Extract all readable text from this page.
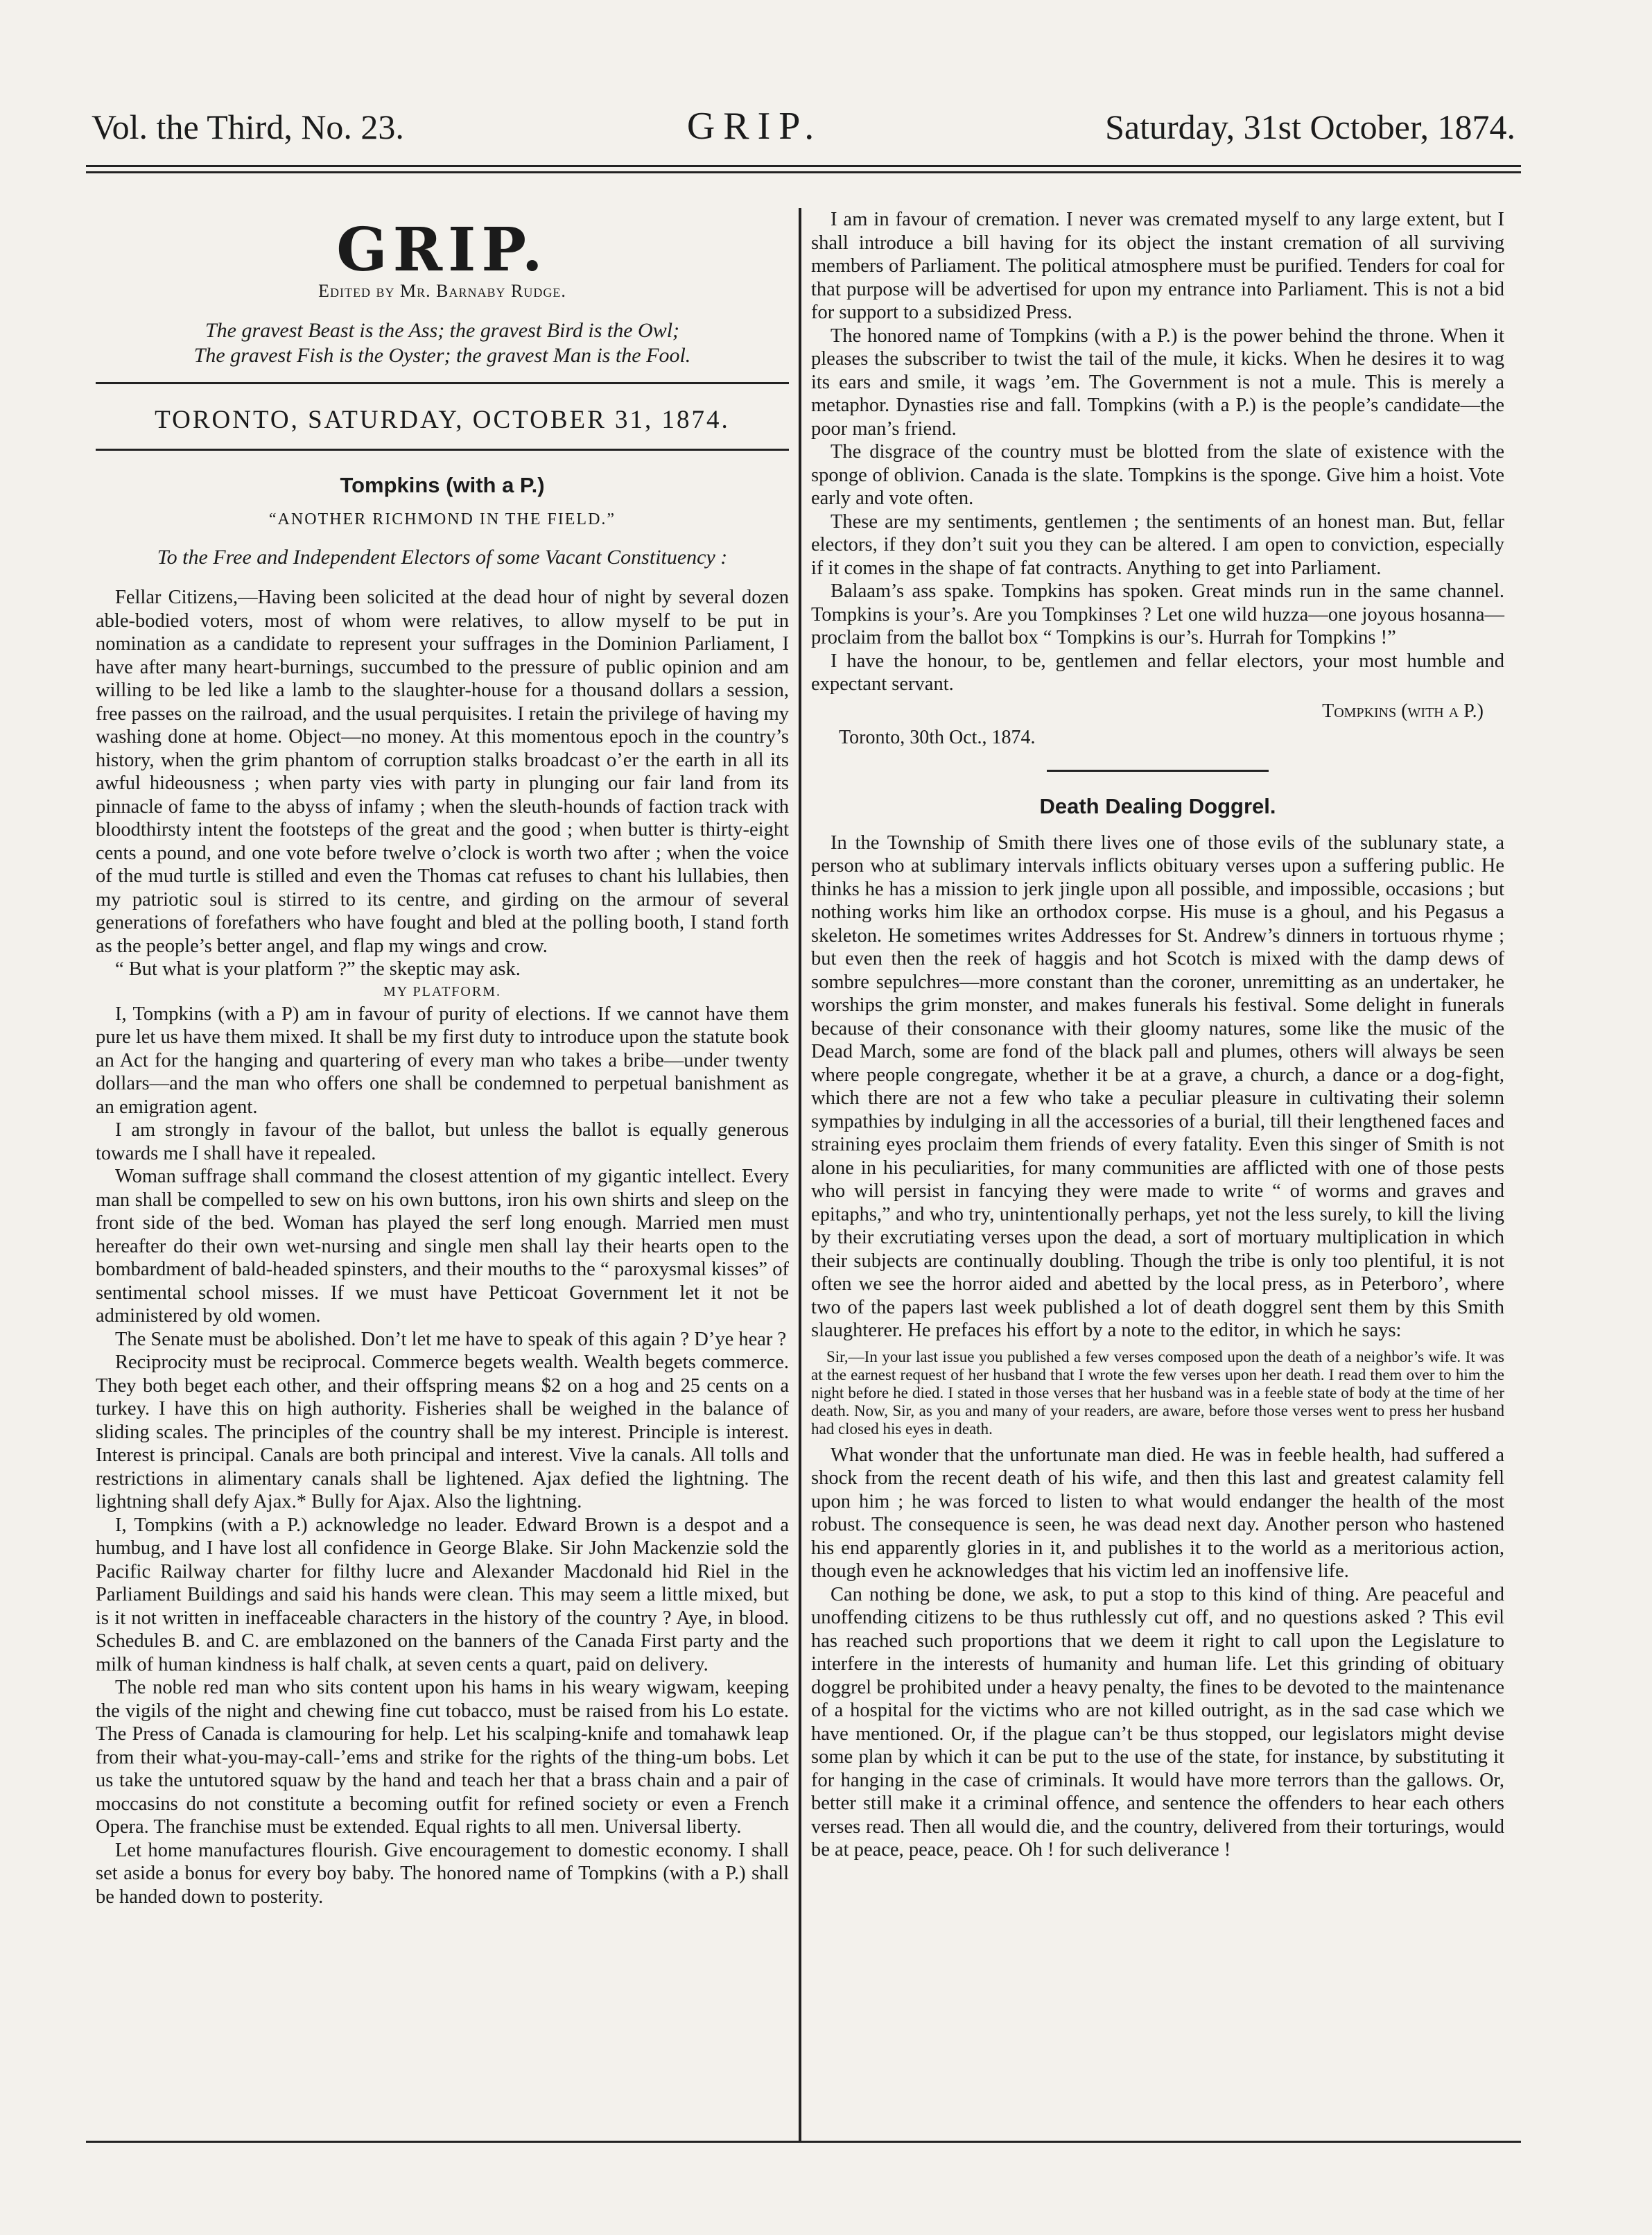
Vol. the Third, No. 23.	GRIP.	Saturday, 31st October, 1874.
GRIP.
Edited by Mr. Barnaby Rudge.
The gravest Beast is the Ass; the gravest Bird is the Owl;
The gravest Fish is the Oyster; the gravest Man is the Fool.
TORONTO, SATURDAY, OCTOBER 31, 1874.
Tompkins (with a P.)
“ANOTHER RICHMOND IN THE FIELD.”
To the Free and Independent Electors of some Vacant Constituency :

Fellar Citizens,—Having been solicited at the dead hour of night by several dozen able-bodied voters, most of whom were relatives, to allow myself to be put in nomination as a candidate to represent your suffrages in the Dominion Parliament, I have after many heart-burnings, succumbed to the pressure of public opinion and am willing to be led like a lamb to the slaughter-house for a thousand dollars a session, free passes on the railroad, and the usual perquisites. I retain the privilege of having my washing done at home. Object—no money. At this momentous epoch in the country’s history, when the grim phantom of corruption stalks broadcast o’er the earth in all its awful hideousness ; when party vies with party in plunging our fair land from its pinnacle of fame to the abyss of infamy ; when the sleuth-hounds of faction track with bloodthirsty intent the footsteps of the great and the good ; when butter is thirty-eight cents a pound, and one vote before twelve o’clock is worth two after ; when the voice of the mud turtle is stilled and even the Thomas cat refuses to chant his lullabies, then my patriotic soul is stirred to its centre, and girding on the armour of several generations of forefathers who have fought and bled at the polling booth, I stand forth as the people’s better angel, and flap my wings and crow.

“ But what is your platform ?” the skeptic may ask.

MY PLATFORM.

I, Tompkins (with a P) am in favour of purity of elections. If we cannot have them pure let us have them mixed. It shall be my first duty to introduce upon the statute book an Act for the hanging and quartering of every man who takes a bribe—under twenty dollars—and the man who offers one shall be condemned to perpetual banishment as an emigration agent.

I am strongly in favour of the ballot, but unless the ballot is equally generous towards me I shall have it repealed.

Woman suffrage shall command the closest attention of my gigantic intellect. Every man shall be compelled to sew on his own buttons, iron his own shirts and sleep on the front side of the bed. Woman has played the serf long enough. Married men must hereafter do their own wet-nursing and single men shall lay their hearts open to the bombardment of bald-headed spinsters, and their mouths to the “ paroxysmal kisses” of sentimental school misses. If we must have Petticoat Government let it not be administered by old women.

The Senate must be abolished. Don’t let me have to speak of this again ? D’ye hear ?

Reciprocity must be reciprocal. Commerce begets wealth. Wealth begets commerce. They both beget each other, and their offspring means $2 on a hog and 25 cents on a turkey. I have this on high authority. Fisheries shall be weighed in the balance of sliding scales. The principles of the country shall be my interest. Principle is interest. Interest is principal. Canals are both principal and interest. Vive la canals. All tolls and restrictions in alimentary canals shall be lightened. Ajax defied the lightning. The lightning shall defy Ajax.* Bully for Ajax. Also the lightning.

I, Tompkins (with a P.) acknowledge no leader. Edward Brown is a despot and a humbug, and I have lost all confidence in George Blake. Sir John Mackenzie sold the Pacific Railway charter for filthy lucre and Alexander Macdonald hid Riel in the Parliament Buildings and said his hands were clean. This may seem a little mixed, but is it not written in ineffaceable characters in the history of the country ? Aye, in blood. Schedules B. and C. are emblazoned on the banners of the Canada First party and the milk of human kindness is half chalk, at seven cents a quart, paid on delivery.

The noble red man who sits content upon his hams in his weary wigwam, keeping the vigils of the night and chewing fine cut tobacco, must be raised from his Lo estate. The Press of Canada is clamouring for help. Let his scalping-knife and tomahawk leap from their what-you-may-call-’ems and strike for the rights of the thing-um bobs. Let us take the untutored squaw by the hand and teach her that a brass chain and a pair of moccasins do not constitute a becoming outfit for refined society or even a French Opera. The franchise must be extended. Equal rights to all men. Universal liberty.

Let home manufactures flourish. Give encouragement to domestic economy. I shall set aside a bonus for every boy baby. The honored name of Tompkins (with a P.) shall be handed down to posterity.

I am in favour of cremation. I never was cremated myself to any large extent, but I shall introduce a bill having for its object the instant cremation of all surviving members of Parliament. The political atmosphere must be purified. Tenders for coal for that purpose will be advertised for upon my entrance into Parliament. This is not a bid for support to a subsidized Press.

The honored name of Tompkins (with a P.) is the power behind the throne. When it pleases the subscriber to twist the tail of the mule, it kicks. When he desires it to wag its ears and smile, it wags ’em. The Government is not a mule. This is merely a metaphor. Dynasties rise and fall. Tompkins (with a P.) is the people’s candidate—the poor man’s friend.

The disgrace of the country must be blotted from the slate of existence with the sponge of oblivion. Canada is the slate. Tompkins is the sponge. Give him a hoist. Vote early and vote often.

These are my sentiments, gentlemen ; the sentiments of an honest man. But, fellar electors, if they don’t suit you they can be altered. I am open to conviction, especially if it comes in the shape of fat contracts. Anything to get into Parliament.

Balaam’s ass spake. Tompkins has spoken. Great minds run in the same channel. Tompkins is your’s. Are you Tompkinses ? Let one wild huzza—one joyous hosanna—proclaim from the ballot box “ Tompkins is our’s. Hurrah for Tompkins !”

I have the honour, to be, gentlemen and fellar electors, your most humble and expectant servant.

Tompkins (with a P.)
Toronto, 30th Oct., 1874.
Death Dealing Doggrel.

In the Township of Smith there lives one of those evils of the sublunary state, a person who at sublimary intervals inflicts obituary verses upon a suffering public. He thinks he has a mission to jerk jingle upon all possible, and impossible, occasions ; but nothing works him like an orthodox corpse. His muse is a ghoul, and his Pegasus a skeleton. He sometimes writes Addresses for St. Andrew’s dinners in tortuous rhyme ; but even then the reek of haggis and hot Scotch is mixed with the damp dews of sombre sepulchres—more constant than the coroner, unremitting as an undertaker, he worships the grim monster, and makes funerals his festival. Some delight in funerals because of their consonance with their gloomy natures, some like the music of the Dead March, some are fond of the black pall and plumes, others will always be seen where people congregate, whether it be at a grave, a church, a dance or a dog-fight, which there are not a few who take a peculiar pleasure in cultivating their solemn sympathies by indulging in all the accessories of a burial, till their lengthened faces and straining eyes proclaim them friends of every fatality. Even this singer of Smith is not alone in his peculiarities, for many communities are afflicted with one of those pests who will persist in fancying they were made to write “ of worms and graves and epitaphs,” and who try, unintentionally perhaps, yet not the less surely, to kill the living by their excrutiating verses upon the dead, a sort of mortuary multiplication in which their subjects are continually doubling. Though the tribe is only too plentiful, it is not often we see the horror aided and abetted by the local press, as in Peterboro’, where two of the papers last week published a lot of death doggrel sent them by this Smith slaughterer. He prefaces his effort by a note to the editor, in which he says:

Sir,—In your last issue you published a few verses composed upon the death of a neighbor’s wife. It was at the earnest request of her husband that I wrote the few verses upon her death. I read them over to him the night before he died. I stated in those verses that her husband was in a feeble state of body at the time of her death. Now, Sir, as you and many of your readers, are aware, before those verses went to press her husband had closed his eyes in death.

What wonder that the unfortunate man died. He was in feeble health, had suffered a shock from the recent death of his wife, and then this last and greatest calamity fell upon him ; he was forced to listen to what would endanger the health of the most robust. The consequence is seen, he was dead next day. Another person who hastened his end apparently glories in it, and publishes it to the world as a meritorious action, though even he acknowledges that his victim led an inoffensive life.

Can nothing be done, we ask, to put a stop to this kind of thing. Are peaceful and unoffending citizens to be thus ruthlessly cut off, and no questions asked ? This evil has reached such proportions that we deem it right to call upon the Legislature to interfere in the interests of humanity and human life. Let this grinding of obituary doggrel be prohibited under a heavy penalty, the fines to be devoted to the maintenance of a hospital for the victims who are not killed outright, as in the sad case which we have mentioned. Or, if the plague can’t be thus stopped, our legislators might devise some plan by which it can be put to the use of the state, for instance, by substituting it for hanging in the case of criminals. It would have more terrors than the gallows. Or, better still make it a criminal offence, and sentence the offenders to hear each others verses read. Then all would die, and the country, delivered from their torturings, would be at peace, peace, peace. Oh ! for such deliverance !
